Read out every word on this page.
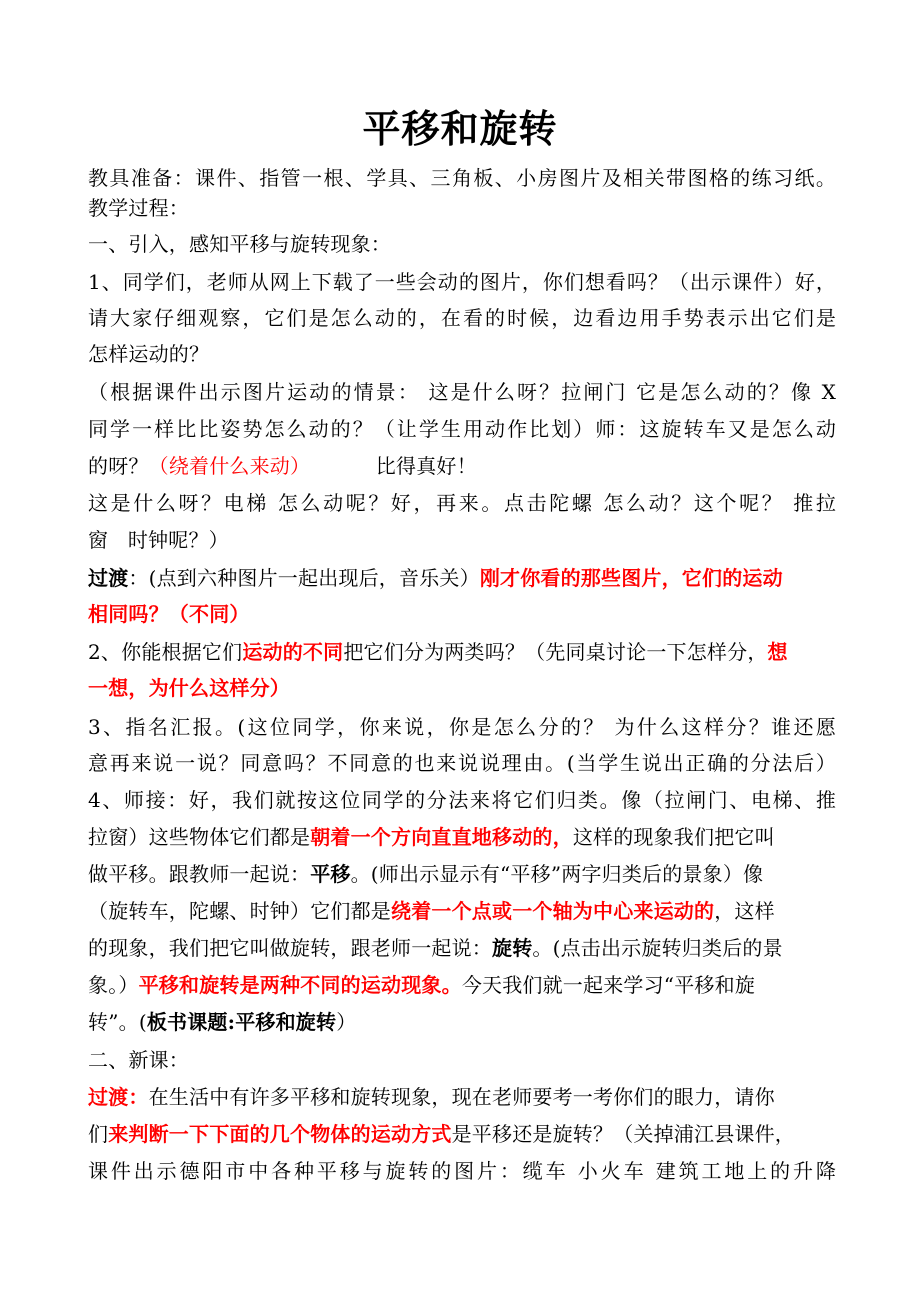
平移和旋转
教具准备：课件、指管一根、学具、三角板、小房图片及相关带图格的练习纸。
教学过程：
一、引入，感知平移与旋转现象：
1、同学们，老师从网上下载了一些会动的图片，你们想看吗？（出示课件）好，
请大家仔细观察，它们是怎么动的，在看的时候，边看边用手势表示出它们是
怎样运动的？
（根据课件出示图片运动的情景： 这是什么呀？拉闸门 它是怎么动的？像 X
同学一样比比姿势怎么动的？（让学生用动作比划）师：这旋转车又是怎么动
的呀？（绕着什么来动）          比得真好！
这是什么呀？电梯 怎么动呢？好，再来。点击陀螺 怎么动？这个呢？ 推拉
窗   时钟呢？）
过渡：(点到六种图片一起出现后，音乐关）刚才你看的那些图片，它们的运动
相同吗？（不同）
2、你能根据它们运动的不同把它们分为两类吗？（先同桌讨论一下怎样分，想
一想，为什么这样分）
3、指名汇报。(这位同学，你来说，你是怎么分的？ 为什么这样分？谁还愿
意再来说一说？同意吗？不同意的也来说说理由。(当学生说出正确的分法后）
4、师接：好，我们就按这位同学的分法来将它们归类。像（拉闸门、电梯、推
拉窗）这些物体它们都是朝着一个方向直直地移动的，这样的现象我们把它叫
做平移。跟教师一起说：平移。(师出示显示有“平移”两字归类后的景象）像
（旋转车，陀螺、时钟）它们都是绕着一个点或一个轴为中心来运动的，这样
的现象，我们把它叫做旋转，跟老师一起说：旋转。(点击出示旋转归类后的景
象。）平移和旋转是两种不同的运动现象。今天我们就一起来学习“平移和旋
转”。(板书课题:平移和旋转）
二、新课：
过渡：在生活中有许多平移和旋转现象，现在老师要考一考你们的眼力，请你
们来判断一下下面的几个物体的运动方式是平移还是旋转？（关掉浦江县课件，
课件出示德阳市中各种平移与旋转的图片：缆车 小火车 建筑工地上的升降
